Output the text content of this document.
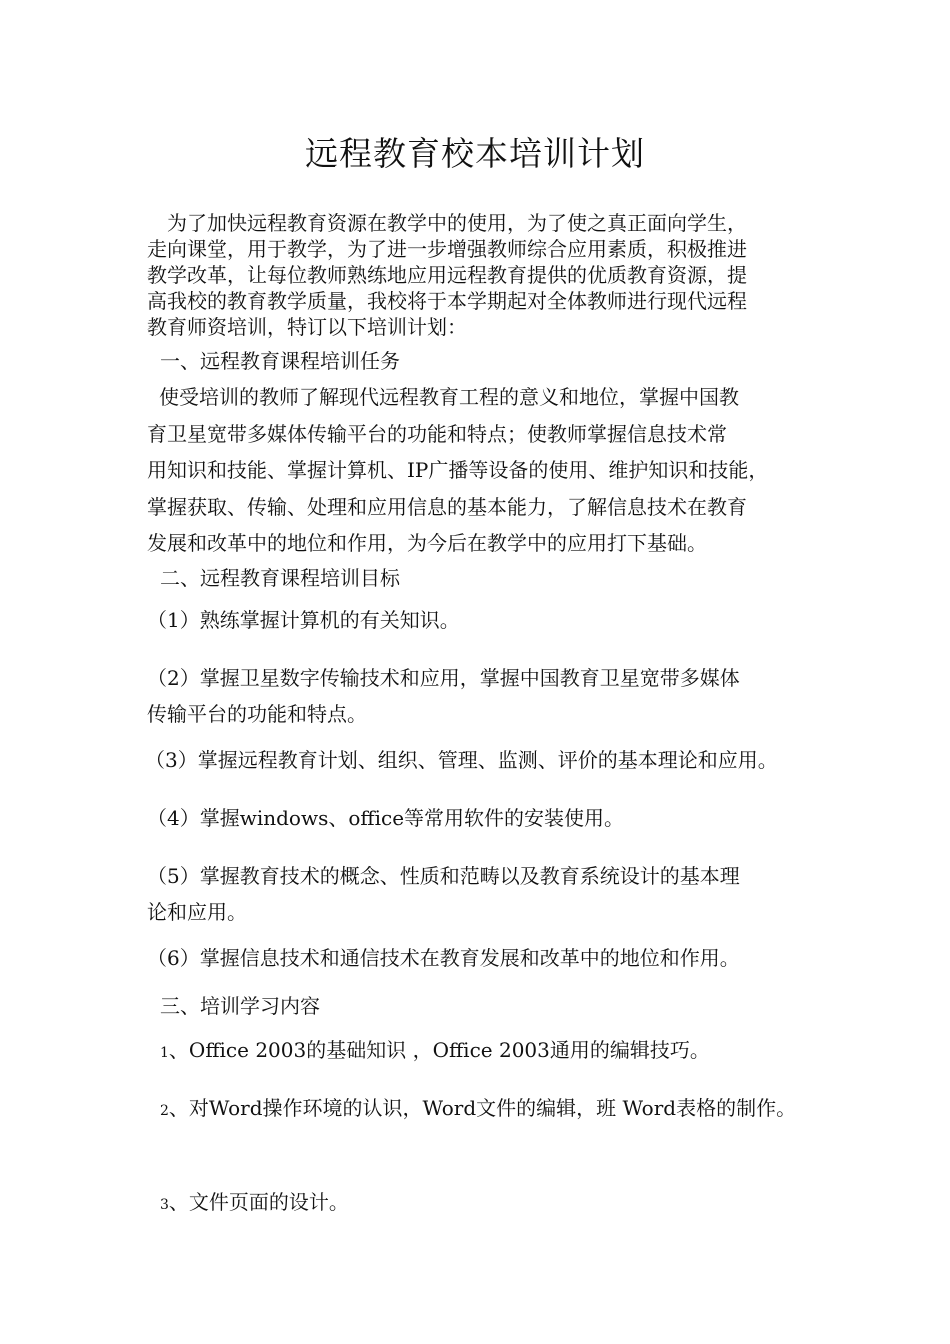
远程教育校本培训计划
为了加快远程教育资源在教学中的使用，为了使之真正面向学生，
走向课堂，用于教学，为了进一步增强教师综合应用素质，积极推进
教学改革，让每位教师熟练地应用远程教育提供的优质教育资源，提
高我校的教育教学质量，我校将于本学期起对全体教师进行现代远程
教育师资培训，特订以下培训计划：
一、远程教育课程培训任务
使受培训的教师了解现代远程教育工程的意义和地位，掌握中国教
育卫星宽带多媒体传输平台的功能和特点；使教师掌握信息技术常
用知识和技能、掌握计算机、IP广播等设备的使用、维护知识和技能，
掌握获取、传输、处理和应用信息的基本能力，了解信息技术在教育
发展和改革中的地位和作用，为今后在教学中的应用打下基础。
二、远程教育课程培训目标
（1）熟练掌握计算机的有关知识。
（2）掌握卫星数字传输技术和应用，掌握中国教育卫星宽带多媒体
传输平台的功能和特点。
（3）掌握远程教育计划、组织、管理、监测、评价的基本理论和应用。
（4）掌握windows、office等常用软件的安装使用。
（5）掌握教育技术的概念、性质和范畴以及教育系统设计的基本理
论和应用。
（6）掌握信息技术和通信技术在教育发展和改革中的地位和作用。
三、培训学习内容
1、Office 2003的基础知识 ，Office 2003通用的编辑技巧。
2、对Word操作环境的认识，Word文件的编辑，班 Word表格的制作。
3、文件页面的设计。
